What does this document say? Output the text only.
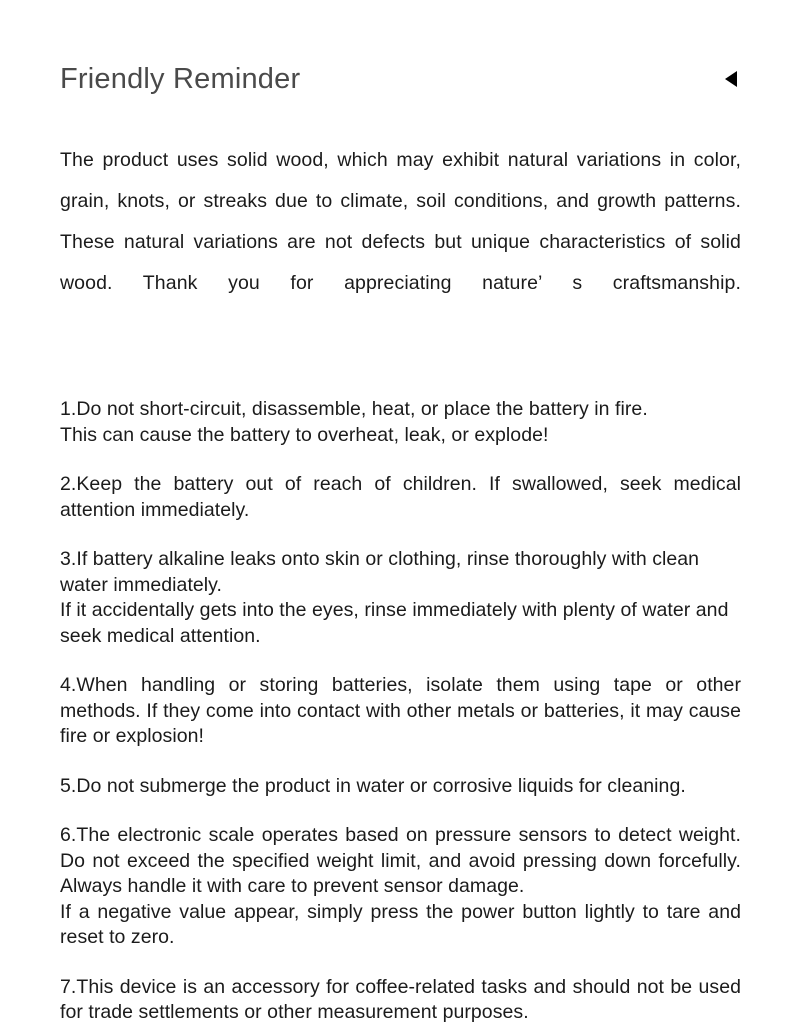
Friendly Reminder

The product uses solid wood, which may exhibit natural variations in color, grain, knots, or streaks due to climate, soil conditions, and growth patterns. These natural variations are not defects but unique characteristics of solid wood. Thank you for appreciating nature’ s craftsmanship.

1.Do not short-circuit, disassemble, heat, or place the battery in fire.
This can cause the battery to overheat, leak, or explode!
2.Keep the battery out of reach of children. If swallowed, seek medical attention immediately.
3.If battery alkaline leaks onto skin or clothing, rinse thoroughly with clean water immediately.
If it accidentally gets into the eyes, rinse immediately with plenty of water and seek medical attention.
4.When handling or storing batteries, isolate them using tape or other methods. If they come into contact with other metals or batteries, it may cause fire or explosion!
5.Do not submerge the product in water or corrosive liquids for cleaning.
6.The electronic scale operates based on pressure sensors to detect weight. Do not exceed the specified weight limit, and avoid pressing down forcefully. Always handle it with care to prevent sensor damage.
If a negative value appear, simply press the power button lightly to tare and reset to zero.
7.This device is an accessory for coffee-related tasks and should not be used for trade settlements or other measurement purposes.
